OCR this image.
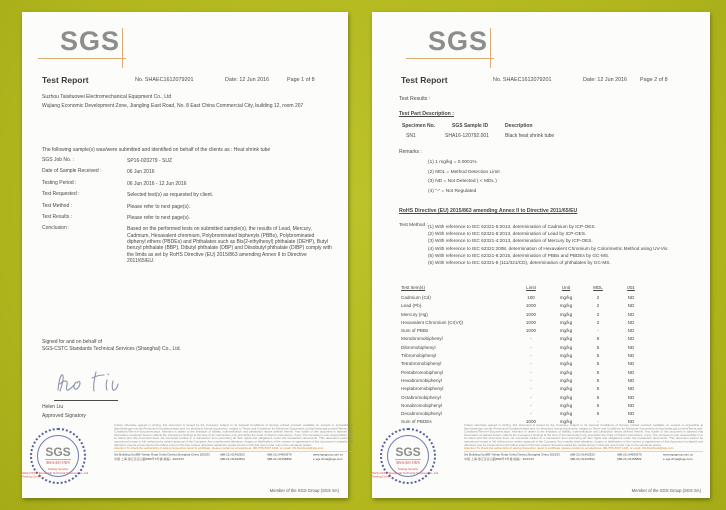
SGS
Test Report	No. SHAEC1612079201	Date: 12 Jun 2016	Page 1 of 8
Suzhou Taisituowei Electromechanical Equipment Co., Ltd
Wujiang Economic Development Zone, Jiangling East Road, No. 8 East China Commercial City, building 12, room 207
The following sample(s) was/were submitted and identified on behalf of the clients as : Heat shrink tube
SGS Job No. :	SP16-020279 - SUZ
Date of Sample Received :	06 Jun 2016
Testing Period :	06 Jun 2016 - 12 Jun 2016
Test Requested :	Selected test(s) as requested by client.
Test Method :	Please refer to next page(s).
Test Results :	Please refer to next page(s).
Conclusion :	Based on the performed tests on submitted sample(s), the results of Lead, Mercury, Cadmium, Hexavalent chromium, Polybrominated biphenyls (PBBs), Polybrominated diphenyl ethers (PBDEs) and Phthalates such as Bis(2-ethylhexyl) phthalate (DEHP), Butyl benzyl phthalate (BBP), Dibutyl phthalate (DBP) and Diisobutyl phthalate (DIBP) comply with the limits as set by RoHS Directive (EU) 2015/863 amending Annex II to Directive 2011/65/EU.
Signed for and on behalf of
SGS-CSTC Standards Technical Services (Shanghai) Co., Ltd.
Helen Liu
Approved Signatory
SGS
通标标准技术服务
Testing Service
SGS-CSTC Standards Technical Services Co.,Ltd.
Testing Center
Unless otherwise agreed in writing, this document is issued by the Company subject to its General Conditions of Service printed overleaf, available on request or accessible at http://www.sgs.com/en/Terms-and-Conditions.aspx and, for electronic format documents, subject to Terms and Conditions for Electronic Documents at http://www.sgs.com/en/Terms-and-Conditions/Terms-e-Document.aspx. Attention is drawn to the limitation of liability, indemnification and jurisdiction issues defined therein. Any holder of this document is advised that information contained hereon reflects the Company's findings at the time of its intervention only and within the limits of Client's instructions, if any. The Company's sole responsibility is to its Client and this document does not exonerate parties to a transaction from exercising all their rights and obligations under the transaction documents. This document cannot be reproduced except in full, without prior written approval of the Company. Any unauthorized alteration, forgery or falsification of the content or appearance of this document is unlawful and offenders may be prosecuted to the fullest extent of the law. Unless otherwise stated the results shown in this test report refer only to the sample(s) tested.
Attention: To check the authenticity of testing /inspection report & certificate, please contact us at telephone: (86-755) 8307 1443, or email: CN.Doccheck@sgs.com
3rd Building,No.889 Yishan Road Xuhui District,Shanghai China 200233	t(86-21) 61402553	f(86-21) 64953679	www.sgsgroup.com.cn
中国·上海·徐汇区宜山路889号3号楼 邮编：200233	t(86-21) 61402594	f(86-21) 61156899	e sgs.china@sgs.com
Member of the SGS Group (SGS SA)
SGS
Test Report	No. SHAEC1612079201	Date: 12 Jun 2016 Page 2 of 8
Test Results :
Test Part Description :
Specimen No.	SGS Sample ID	Description
SN1	SHA16-120792.001	Black heat shrink tube
Remarks :
(1) 1 mg/kg = 0.0001%
(2) MDL = Method Detection Limit
(3) ND = Not Detected ( < MDL )
(4) "-" = Not Regulated
RoHS Directive (EU) 2015/863 amending Annex II to Directive 2011/65/EU
Test Method : (1) With reference to IEC 62321-5:2013, determination of Cadmium by ICP-OES.
(2) With reference to IEC 62321-5:2013, determination of Lead by ICP-OES.
(3) With reference to IEC 62321-4:2013, determination of Mercury by ICP-OES.
(4) With reference to IEC 62321:2008, determination of Hexavalent Chromium by Colorimetric Method using UV-Vis.
(5) With reference to IEC 62321-6:2015, determination of PBBs and PBDEs by GC-MS.
(6) With reference to IEC 62321-8 (111/321/CD), determination of phthalates by GC-MS.
Test Item(s)	Limit	Unit	MDL	001
Cadmium (Cd)	100	mg/kg	2	ND
Lead (Pb)	1000	mg/kg	2	ND
Mercury (Hg)	1000	mg/kg	2	ND
Hexavalent Chromium (Cr(VI))	1000	mg/kg	2	ND
Sum of PBBs	1000	mg/kg	-	ND
Monobromobiphenyl	-	mg/kg	5	ND
Dibromobiphenyl	-	mg/kg	5	ND
Tribromobiphenyl	-	mg/kg	5	ND
Tetrabromobiphenyl	-	mg/kg	5	ND
Pentabromobiphenyl	-	mg/kg	5	ND
Hexabromobiphenyl	-	mg/kg	5	ND
Heptabromobiphenyl	-	mg/kg	5	ND
Octabromobiphenyl	-	mg/kg	5	ND
Nonabromobiphenyl	-	mg/kg	5	ND
Decabromobiphenyl	-	mg/kg	5	ND
Sum of PBDEs	1000	mg/kg	-	ND
SGS
通标标准技术服务
Testing Service
SGS-CSTC Standards Technical Services Co.,Ltd.
Testing Center
Unless otherwise agreed in writing, this document is issued by the Company subject to its General Conditions of Service printed overleaf, available on request or accessible at http://www.sgs.com/en/Terms-and-Conditions.aspx and, for electronic format documents, subject to Terms and Conditions for Electronic Documents at http://www.sgs.com/en/Terms-and-Conditions/Terms-e-Document.aspx. Attention is drawn to the limitation of liability, indemnification and jurisdiction issues defined therein. Any holder of this document is advised that information contained hereon reflects the Company's findings at the time of its intervention only and within the limits of Client's instructions, if any. The Company's sole responsibility is to its Client and this document does not exonerate parties to a transaction from exercising all their rights and obligations under the transaction documents. This document cannot be reproduced except in full, without prior written approval of the Company. Any unauthorized alteration, forgery or falsification of the content or appearance of this document is unlawful and offenders may be prosecuted to the fullest extent of the law. Unless otherwise stated the results shown in this test report refer only to the sample(s) tested.
Attention: To check the authenticity of testing /inspection report & certificate, please contact us at telephone: (86-755) 8307 1443, or email: CN.Doccheck@sgs.com
3rd Building,No.889 Yishan Road Xuhui District,Shanghai China 200233	t(86-21) 61402553	f(86-21) 64953679	www.sgsgroup.com.cn
中国·上海·徐汇区宜山路889号3号楼 邮编：200233	t(86-21) 61402594	f(86-21) 61156899	e sgs.china@sgs.com
Member of the SGS Group (SGS SA)
